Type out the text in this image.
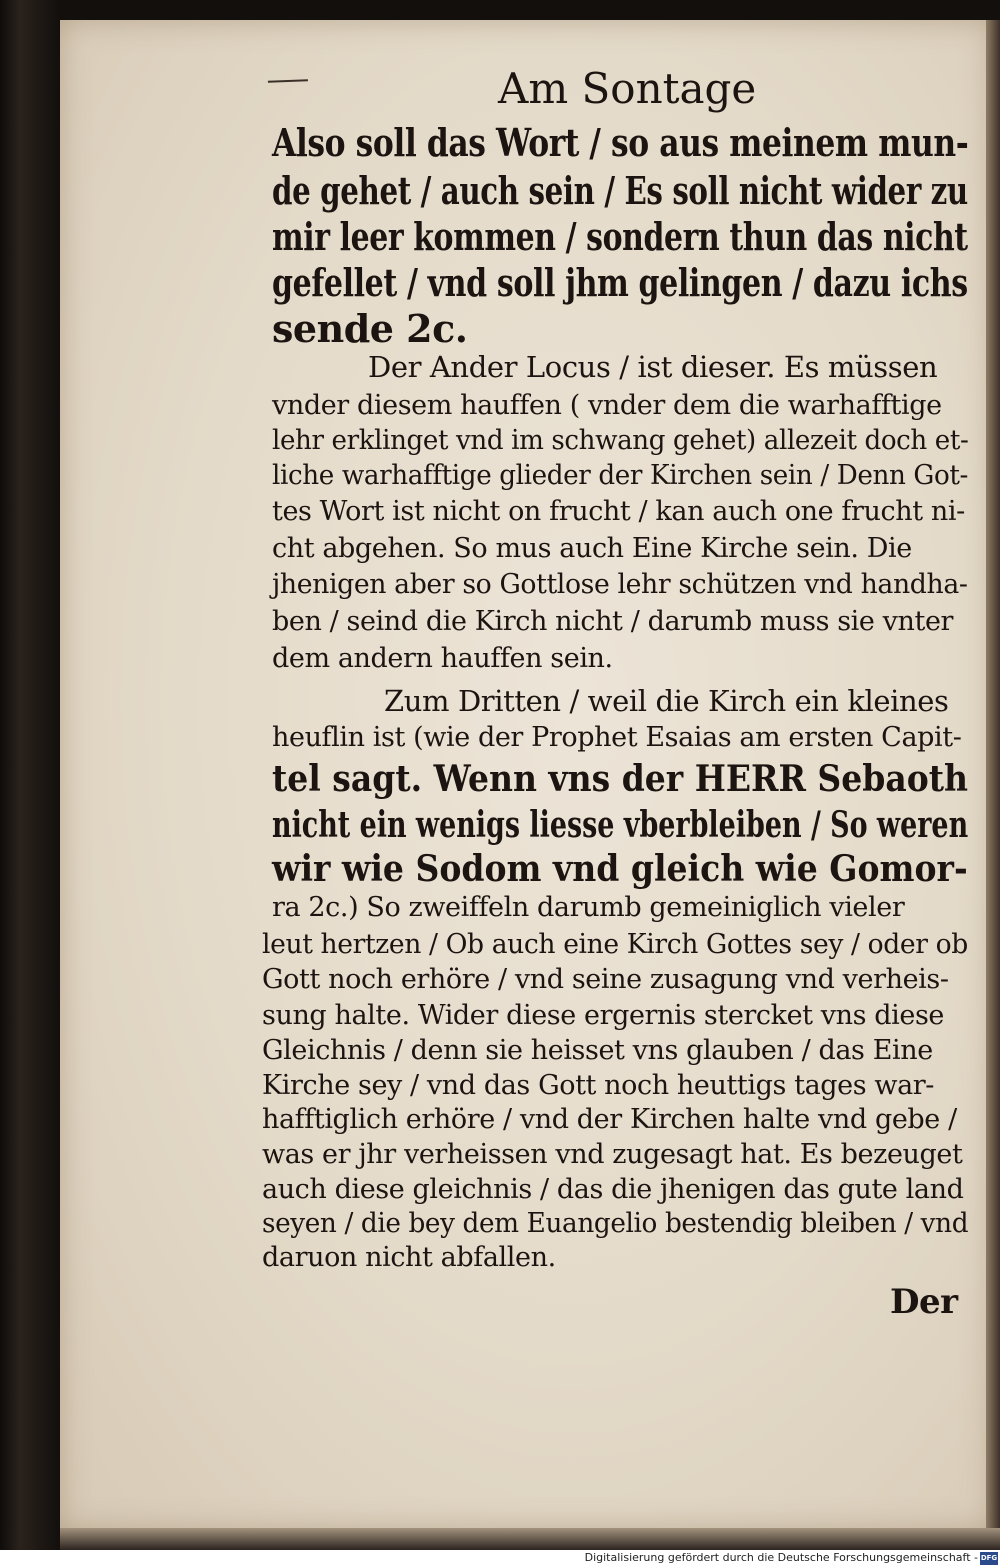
Am Sontage
Also soll das Wort / so aus meinem mun-
de gehet / auch sein / Es soll nicht wider zu
mir leer kommen / sondern thun das nicht
gefellet / vnd soll jhm gelingen / dazu ichs
sende 2c.
Der Ander Locus / ist dieser. Es müssen
vnder diesem hauffen ( vnder dem die warhafftige
lehr erklinget vnd im schwang gehet) allezeit doch et-
liche warhafftige glieder der Kirchen sein / Denn Got-
tes Wort ist nicht on frucht / kan auch one frucht ni-
cht abgehen. So mus auch Eine Kirche sein. Die
jhenigen aber so Gottlose lehr schützen vnd handha-
ben / seind die Kirch nicht / darumb muss sie vnter
dem andern hauffen sein.
Zum Dritten / weil die Kirch ein kleines
heuflin ist (wie der Prophet Esaias am ersten Capit-
tel sagt. Wenn vns der HERR Sebaoth
nicht ein wenigs liesse vberbleiben / So weren
wir wie Sodom vnd gleich wie Gomor-
ra 2c.) So zweiffeln darumb gemeiniglich vieler
leut hertzen / Ob auch eine Kirch Gottes sey / oder ob
Gott noch erhöre / vnd seine zusagung vnd verheis-
sung halte. Wider diese ergernis stercket vns diese
Gleichnis / denn sie heisset vns glauben / das Eine
Kirche sey / vnd das Gott noch heuttigs tages war-
hafftiglich erhöre / vnd der Kirchen halte vnd gebe /
was er jhr verheissen vnd zugesagt hat. Es bezeuget
auch diese gleichnis / das die jhenigen das gute land
seyen / die bey dem Euangelio bestendig bleiben / vnd
daruon nicht abfallen.
Der
Digitalisierung gefördert durch die Deutsche Forschungsgemeinschaft - DFG
